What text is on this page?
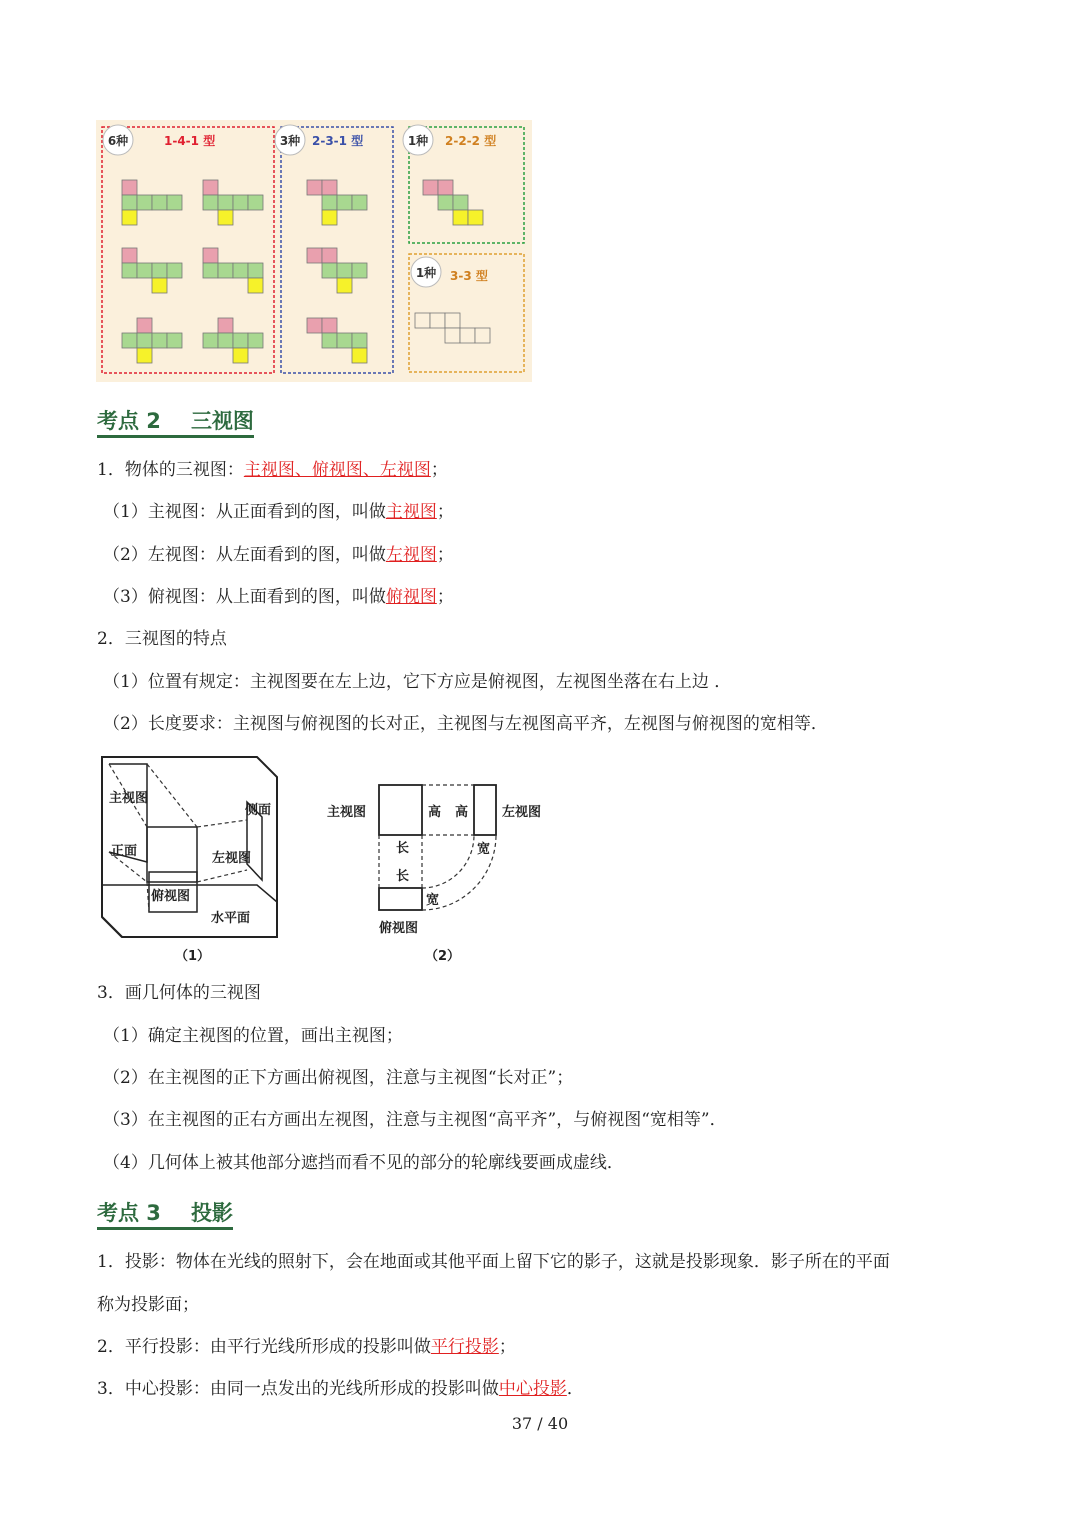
6种	1-4-1 型	3种 2-3-1 型	1种 2-2-2 型
1种 3-3 型
考点 2 三视图
1．物体的三视图：主视图、俯视图、左视图；
（1）主视图：从正面看到的图，叫做主视图；
（2）左视图：从左面看到的图，叫做左视图；
（3）俯视图：从上面看到的图，叫做俯视图；
2．三视图的特点
（1）位置有规定：主视图要在左上边，它下方应是俯视图，左视图坐落在右上边 ．
（2）长度要求：主视图与俯视图的长对正，主视图与左视图高平齐，左视图与俯视图的宽相等．
主视图
侧面
正面	左视图
俯视图
水平面
（1）
主视图	高 高	左视图
长
长
宽
宽
俯视图
（2）
3．画几何体的三视图
（1）确定主视图的位置，画出主视图；
（2）在主视图的正下方画出俯视图，注意与主视图“长对正”；
（3）在主视图的正右方画出左视图，注意与主视图“高平齐”，与俯视图“宽相等”．
（4）几何体上被其他部分遮挡而看不见的部分的轮廓线要画成虚线．
考点 3 投影
1．投影：物体在光线的照射下，会在地面或其他平面上留下它的影子，这就是投影现象．影子所在的平面
称为投影面；
2．平行投影：由平行光线所形成的投影叫做平行投影；
3．中心投影：由同一点发出的光线所形成的投影叫做中心投影．
37 / 40
